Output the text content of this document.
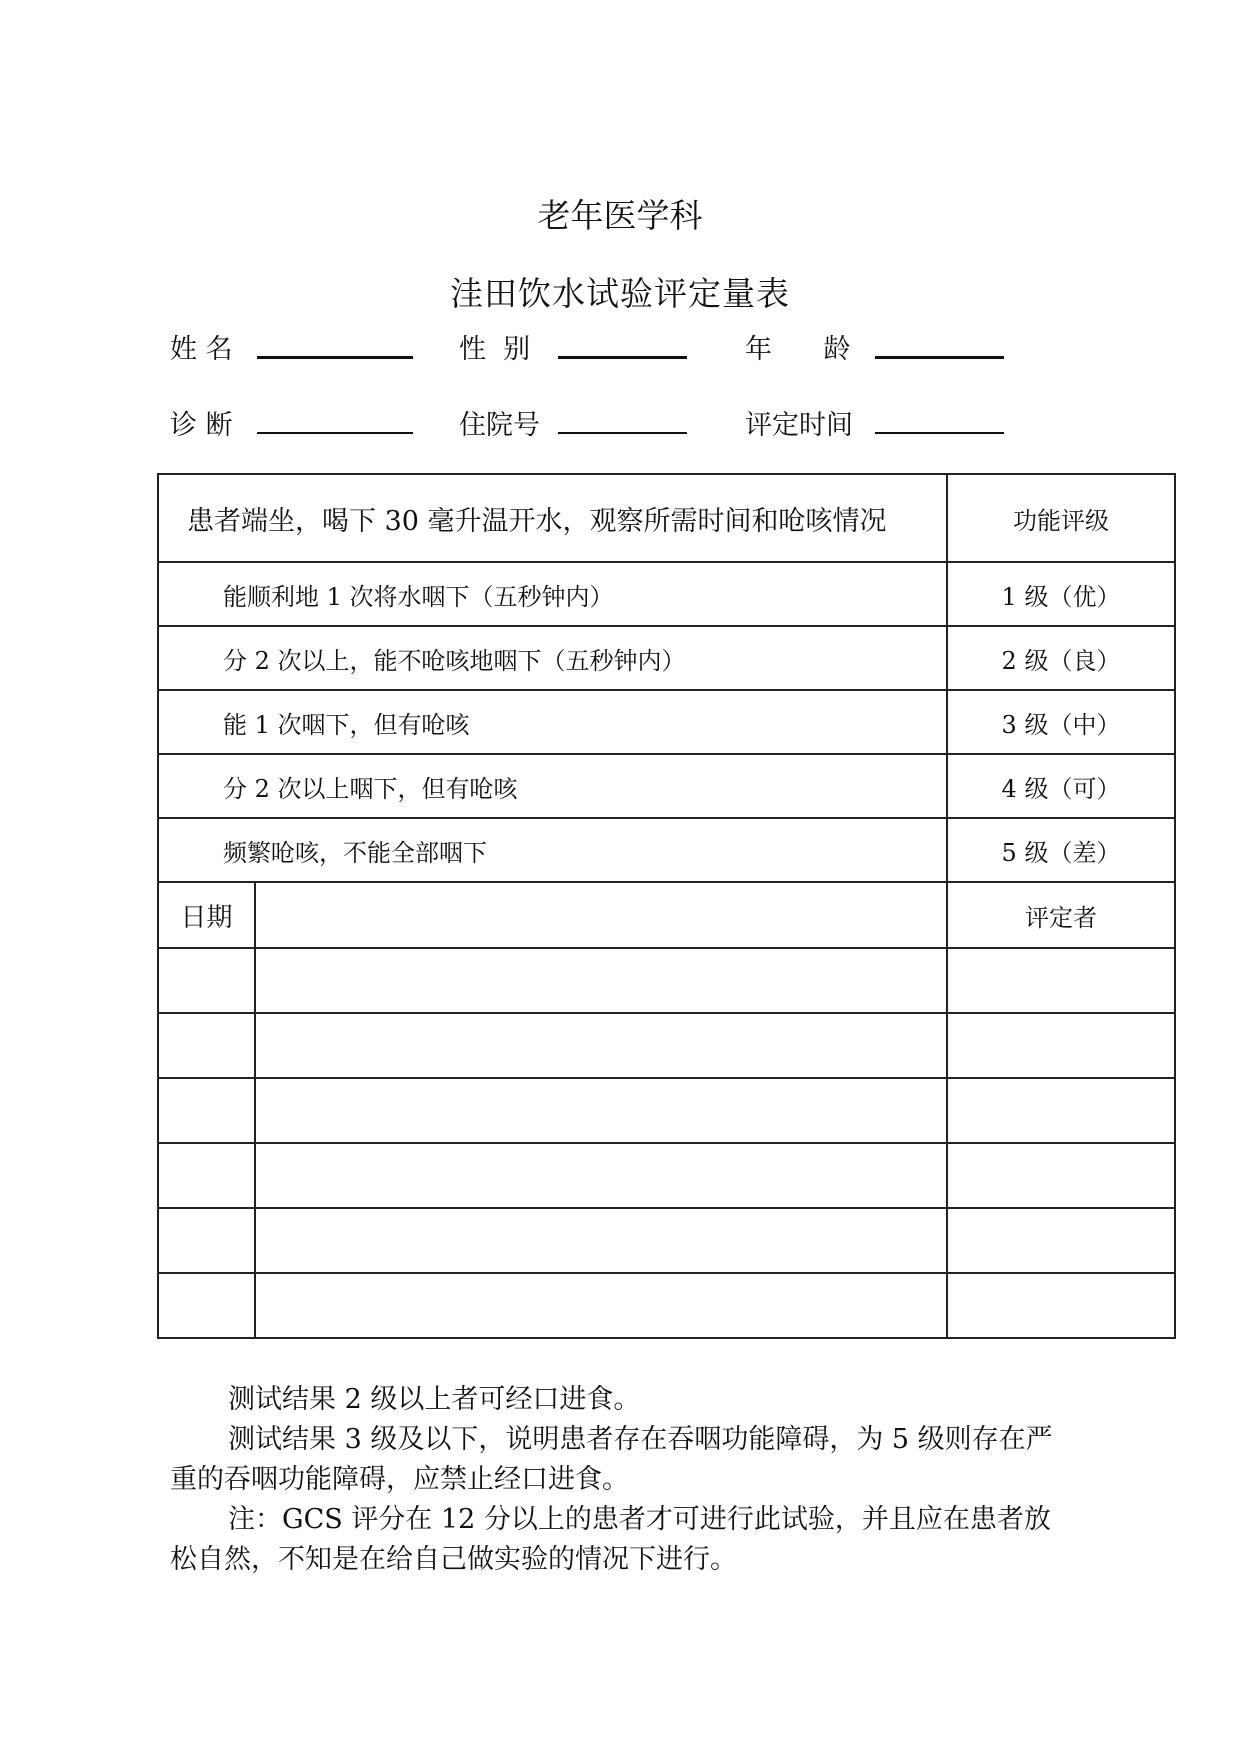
老年医学科
洼田饮水试验评定量表
姓 名	性  别	年      龄
诊 断	住院号	评定时间
患者端坐，喝下 30 毫升温开水，观察所需时间和呛咳情况		功能评级
能顺利地 1 次将水咽下（五秒钟内）		1 级（优）
分 2 次以上，能不呛咳地咽下（五秒钟内）		2 级（良）
能 1 次咽下，但有呛咳		3 级（中）
分 2 次以上咽下，但有呛咳		4 级（可）
频繁呛咳，不能全部咽下		5 级（差）
日期		评定者

测试结果 2 级以上者可经口进食。

测试结果 3 级及以下，说明患者存在吞咽功能障碍，为 5 级则存在严重的吞咽功能障碍，应禁止经口进食。

注：GCS 评分在 12 分以上的患者才可进行此试验，并且应在患者放松自然，不知是在给自己做实验的情况下进行。
